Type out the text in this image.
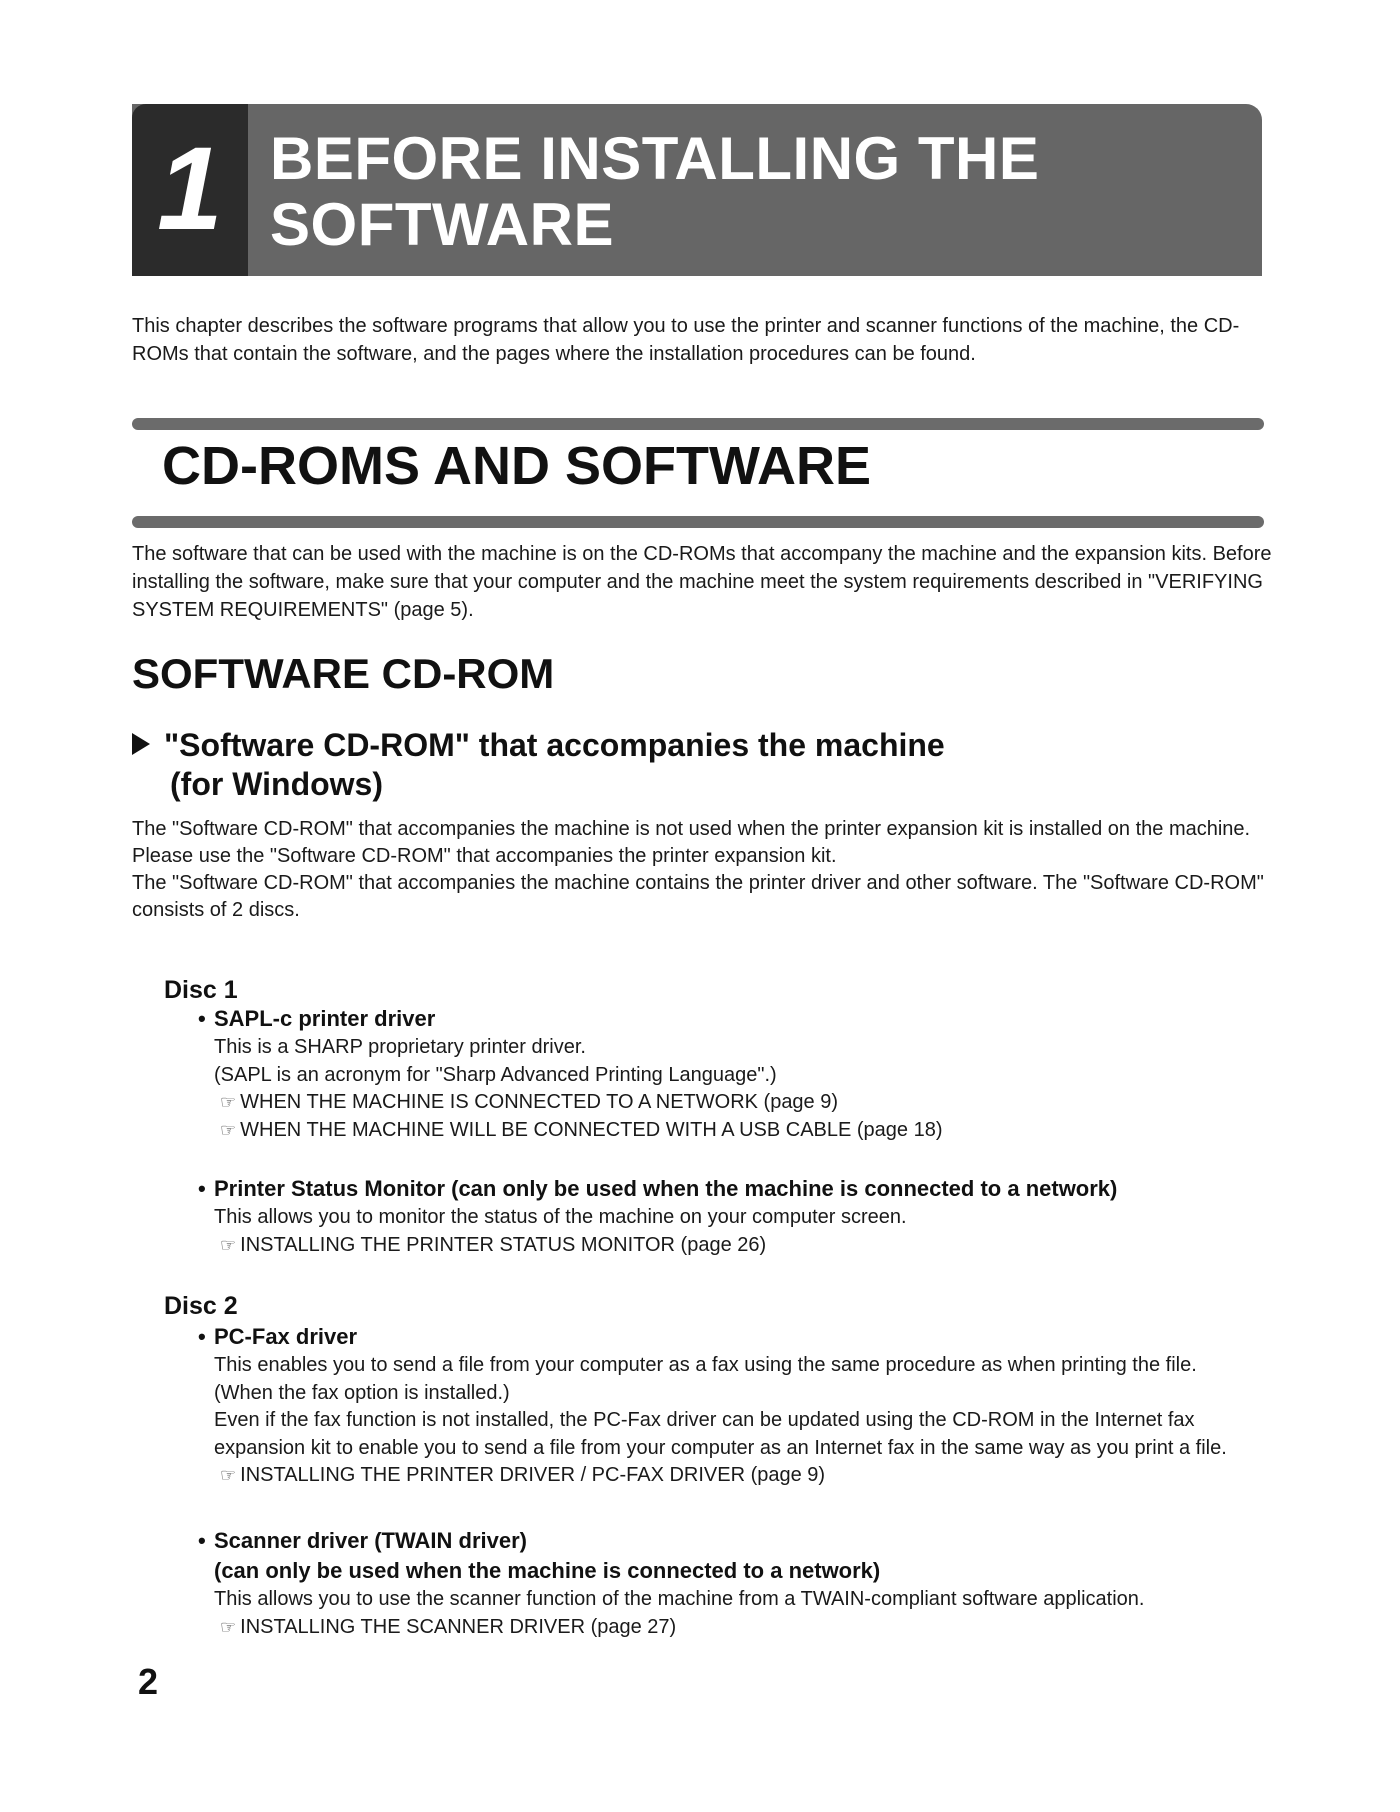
1 BEFORE INSTALLING THE
SOFTWARE

This chapter describes the software programs that allow you to use the printer and scanner functions of the machine, the CD-ROMs that contain the software, and the pages where the installation procedures can be found.

CD-ROMS AND SOFTWARE

The software that can be used with the machine is on the CD-ROMs that accompany the machine and the expansion kits. Before installing the software, make sure that your computer and the machine meet the system requirements described in "VERIFYING SYSTEM REQUIREMENTS" (page 5).

SOFTWARE CD-ROM
"Software CD-ROM" that accompanies the machine
(for Windows)

The "Software CD-ROM" that accompanies the machine is not used when the printer expansion kit is installed on the machine. Please use the "Software CD-ROM" that accompanies the printer expansion kit.

The "Software CD-ROM" that accompanies the machine contains the printer driver and other software. The "Software CD-ROM" consists of 2 discs.

Disc 1

• SAPL-c printer driver

This is a SHARP proprietary printer driver.

(SAPL is an acronym for "Sharp Advanced Printing Language".)

☞ WHEN THE MACHINE IS CONNECTED TO A NETWORK (page 9)

☞ WHEN THE MACHINE WILL BE CONNECTED WITH A USB CABLE (page 18)

• Printer Status Monitor (can only be used when the machine is connected to a network)

This allows you to monitor the status of the machine on your computer screen.

☞ INSTALLING THE PRINTER STATUS MONITOR (page 26)

Disc 2

• PC-Fax driver

This enables you to send a file from your computer as a fax using the same procedure as when printing the file.

(When the fax option is installed.)

Even if the fax function is not installed, the PC-Fax driver can be updated using the CD-ROM in the Internet fax

expansion kit to enable you to send a file from your computer as an Internet fax in the same way as you print a file.

☞ INSTALLING THE PRINTER DRIVER / PC-FAX DRIVER (page 9)

• Scanner driver (TWAIN driver)
(can only be used when the machine is connected to a network)

This allows you to use the scanner function of the machine from a TWAIN-compliant software application.

☞ INSTALLING THE SCANNER DRIVER (page 27)

2
